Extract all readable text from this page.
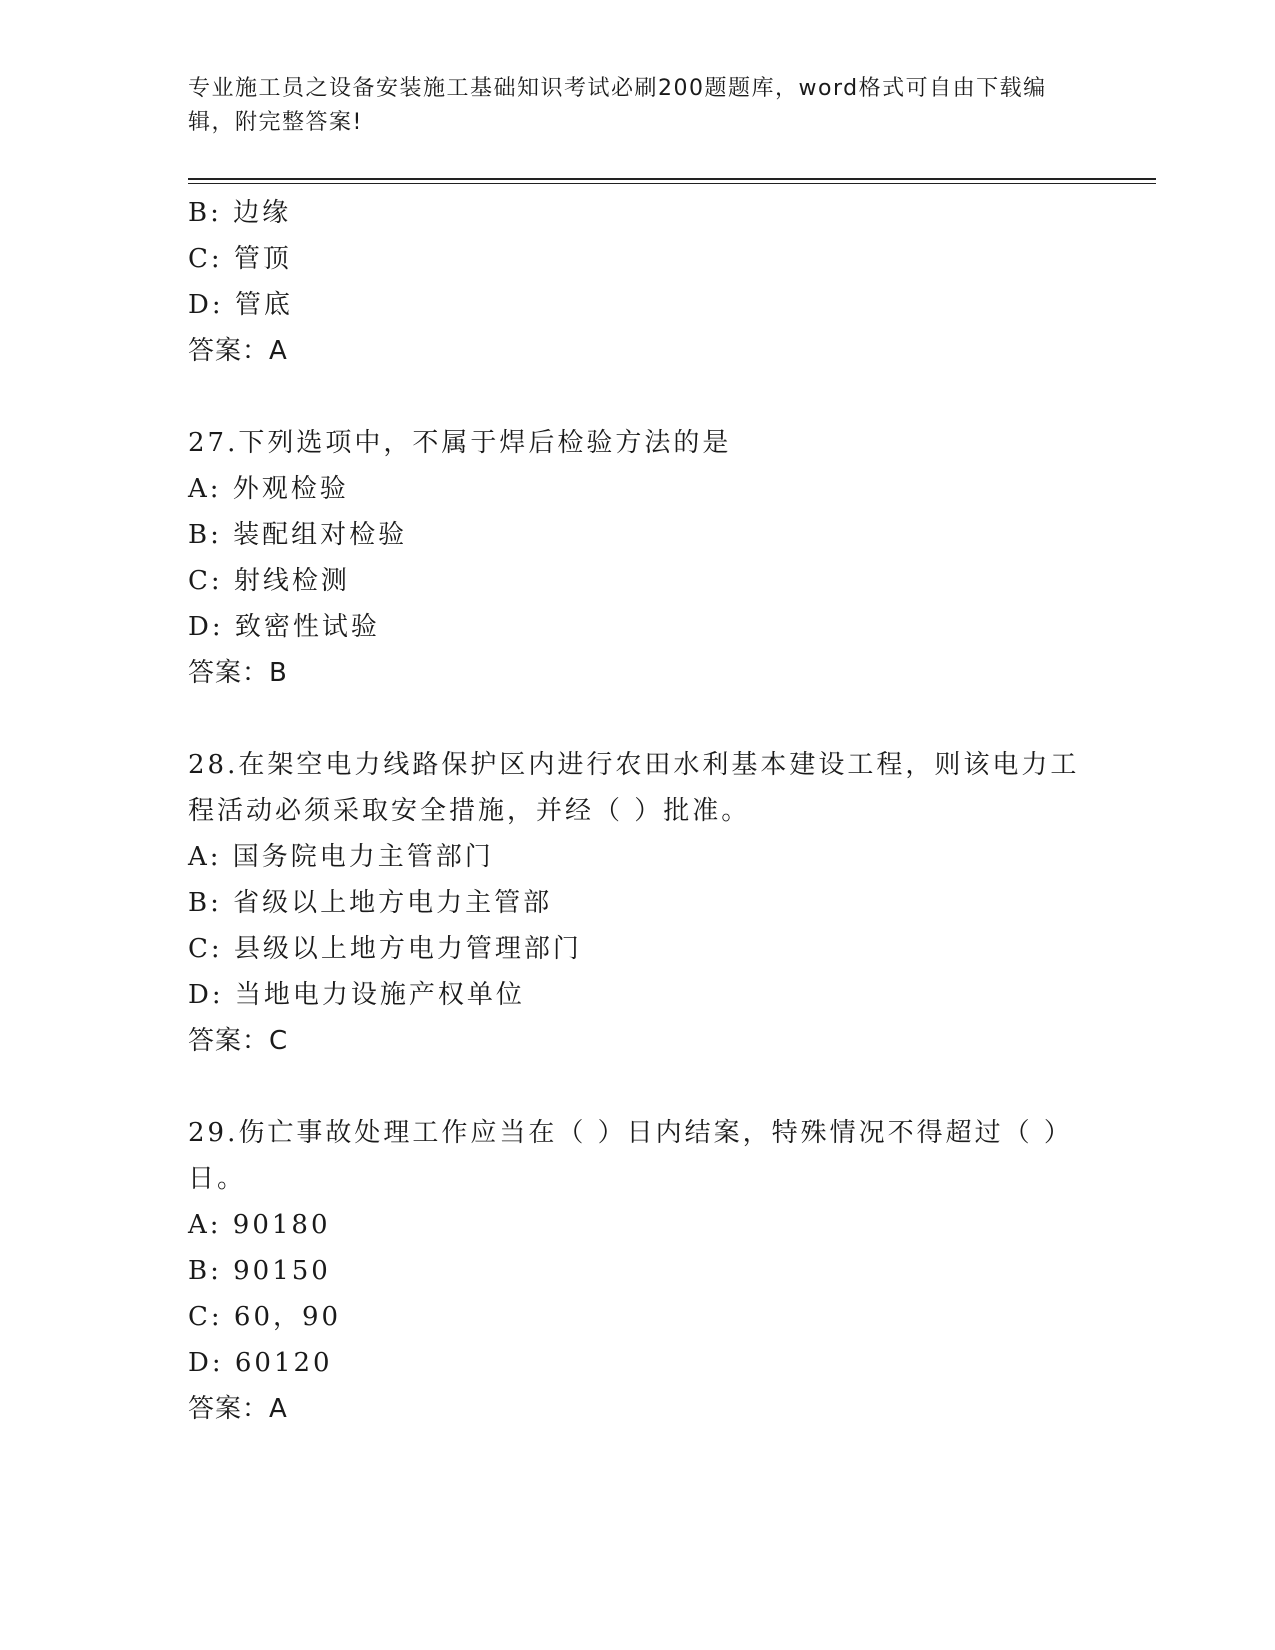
专业施工员之设备安装施工基础知识考试必刷200题题库，word格式可自由下载编辑，附完整答案!

B: 边缘

C: 管顶

D: 管底

答案：A

27.下列选项中，不属于焊后检验方法的是

A: 外观检验

B: 装配组对检验

C: 射线检测

D: 致密性试验

答案：B

28.在架空电力线路保护区内进行农田水利基本建设工程，则该电力工程活动必须采取安全措施，并经（ ）批准。

A: 国务院电力主管部门

B: 省级以上地方电力主管部

C: 县级以上地方电力管理部门

D: 当地电力设施产权单位

答案：C

29.伤亡事故处理工作应当在（ ）日内结案，特殊情况不得超过（ ）日。

A: 90180

B: 90150

C: 60，90

D: 60120

答案：A
